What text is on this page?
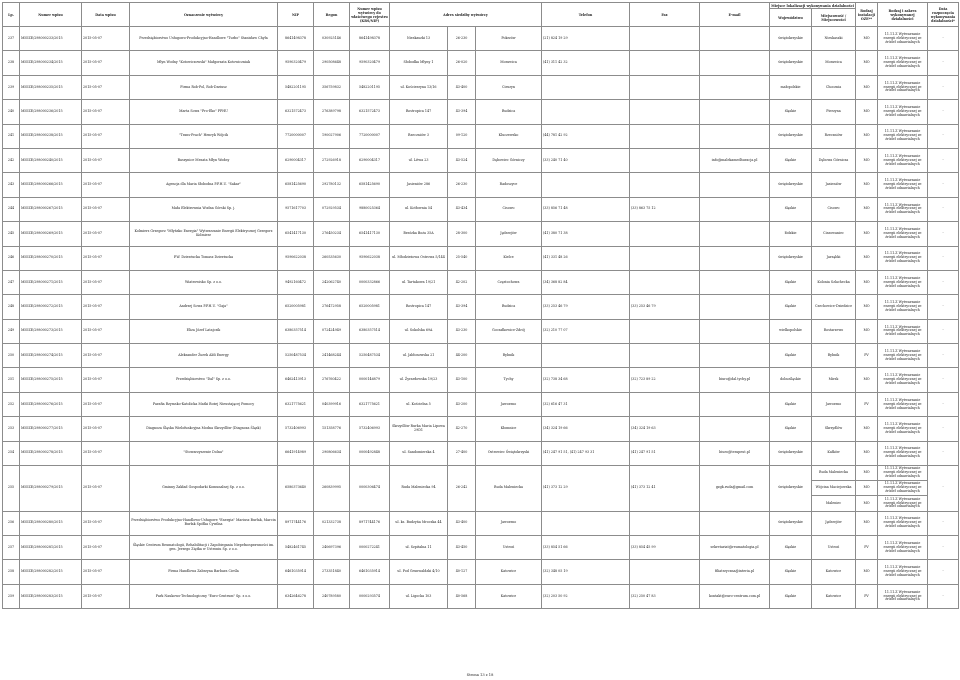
Lp.	Numer wpisu	Data wpisu	Oznaczenie wytwórcy	NIP	Regon	Numer wpisu wytwórcy do właściwego rejestru (KRS/NIP)	Adres siedziby wytwórcy			Telefon	Fax	E-mail	Miejsce lokalizacji wykonywania działalności		Rodzaj instalacji OZE**	Rodzaj i zakres wykonywanej działalności	Data rozpoczęcia wykonywania działalności*
													Województwo	Miejscowość / Miejscowości			
237	MIOZE/298000233/2015	2015-05-07	Przedsiębiorstwo Usługowo-Produkcyjno-Handlowe "Turbo" Stanisław Chyła	8641498378	030925146	8641498378	Nieskaszki 13	26-230	Pokrzów	(21) 824 19 29			świętokrzyskie	Nieskaszki	MO	11.11.Z Wytwarzanie energii elektrycznej ze źródeł odnawialnych	-
238	MIOZE/298000234/2015	2015-05-07	Młyn Wodny "Kotowiczowski" Małgorzata Kotowiczniak	9590320479	290508648	9590320479	Słobodka Młyny 1	26-020	Morawica	(41) 311 42 32			świętokrzyskie	Morawica	MO	11.11.Z Wytwarzanie energii elektrycznej ze źródeł odnawialnych	-
239	MIOZE/298000235/2015	2015-05-07	Firma Rob-Pol, Rob-Dariusz	5482201195	356759832	5482201195	ul. Kościerzyna 13/16	43-400	Cieszyn				małopolskie	Chocznia	MO	11.11.Z Wytwarzanie energii elektrycznej ze źródeł odnawialnych	-
240	MIOZE/298000236/2015	2015-05-07	Marta Sowa "Pro-Eko" PPHU	6321572473	276389798	6321572473	Rostropica 147	43-394	Rudzica				śląskie	Pierzyna	MO	11.11.Z Wytwarzanie energii elektrycznej ze źródeł odnawialnych	-
241	MIOZE/298000238/2015	2015-05-07	"Trans-Prach" Henryk Wójcik	7720000007	190027906	7720000007	Rzeczniów 3	09-120	Kluczewsko	(44) 781 42 92			świętokrzyskie	Rzeczniów	MO	11.11.Z Wytwarzanie energii elektrycznej ze źródeł odnawialnych	-
242	MIOZE/298000240/2015	2015-05-07	Baszynice Mesata Młyn Wodny	6290004317	272926918	6290004317	ul. Litwa 23	43-524	Dębowiec Górniczy	(33) 240 71 40		info@malekamedhuracja.pl	śląskie	Dębowa Górnicza	MO	11.11.Z Wytwarzanie energii elektrycznej ze źródeł odnawialnych	-
243	MIOZE/298000266/2015	2015-05-07	Agencja dla Maria Słobodna P.P.H.U. "Sakar"	6581425690	292780132	6581425690	Jasieniów 286	26-230	Radoszyce				świętokrzyskie	Jasieniów	MO	11.11.Z Wytwarzanie energii elektrycznej ze źródeł odnawialnych	-
244	MIOZE/298000267/2015	2015-05-07	Mała Elektrownia Wodna Górski Sp. j.	9571617703	072929534	9880025364	ul. Kotłownia 54	43-434	Cisowo	(33) 856 71 48	(33) 863 75 12		śląskie	Cisowo	MO	11.11.Z Wytwarzanie energii elektrycznej ze źródeł odnawialnych	-
245	MIOZE/298000269/2015	2015-05-07	Kolmierz Grzegorz "Młyńsko Energia" Wytwarzanie Energii Elektrycznej Grzegorz Kolmierz	6541417130	276450234	6541417130	Brzózka Boża 35A	28-300	Jędrzejów	(41) 380 71 38			łódzkie	Ciszowaniec	MO	11.11.Z Wytwarzanie energii elektrycznej ze źródeł odnawialnych	-
246	MIOZE/298000270/2015	2015-05-07	P.W. Dzierżucka Tomasz Dzierżucka	9590622038	260535630	9590622038	ul. Młodzieżowa Ostrowa 5/144	25-540	Kielce	(41) 331 48 26			świętokrzyskie	Jarząbki	MO	11.11.Z Wytwarzanie energii elektrycznej ze źródeł odnawialnych	-
247	MIOZE/298000271/2015	2015-05-07	Wiatrowisko Sp. z o.o.	9492160472	242062740	0000332866	ul. Tartakowa 19/21	42-202	Częstochowa	(34) 368 82 84			śląskie	Kolonia Szlachecka	MO	11.11.Z Wytwarzanie energii elektrycznej ze źródeł odnawialnych	-
248	MIOZE/298000272/2015	2015-05-07	Andrzej Sowa P.P.H.U. "Gaja"	6520005981	276472958	6520005981	Rostropica 147	43-394	Rudzica	(33) 253 46 79	(33) 253 46 79		śląskie	Czechowice-Dziedzice	MO	11.11.Z Wytwarzanie energii elektrycznej ze źródeł odnawialnych	-
249	MIOZE/298000273/2015	2015-05-07	Eliza Józef Latajczik	6380357514	072424949	6380357514	ul. Sokolska 69A	43-230	Goczałkowice-Zdrój	(32) 210 77 07			wielkopolskie	Rostarzewo	MO	11.11.Z Wytwarzanie energii elektrycznej ze źródeł odnawialnych	-
250	MIOZE/298000274/2015	2015-05-07	Aleksander Żurek Aldi Energy	5250487534	241468244	5250487534	ul. Jabłonowska 21	44-200	Rybnik				śląskie	Rybnik	PV	11.11.Z Wytwarzanie energii elektrycznej ze źródeł odnawialnych	-
251	MIOZE/298000275/2015	2015-05-07	Przedsiębiorstwo "Dal" Sp. z o.o.	6462413913	276760422	0000146879	ul. Żyrardowska 19/23	43-100	Tychy	(32) 738 34 68	(32) 723 89 22	biuro@dal.tychy.pl	dolnośląskie	Mirsk	MO	11.11.Z Wytwarzanie energii elektrycznej ze źródeł odnawialnych	-
252	MIOZE/298000276/2015	2015-05-07	Parafia Rzymsko-Katolicka Matki Bożej Nieustającej Pomocy	6321775621	040399916	6321775621	ul. Kościelna 5	43-200	Jaworzno	(32) 616 47 31			śląskie	Jaworzno	PV	11.11.Z Wytwarzanie energii elektrycznej ze źródeł odnawialnych	-
253	MIOZE/298000277/2015	2015-05-07	Diagnoza Śląska Wielofunkcyjna Modna Skrzydlów (Diagnoza Śląsk)	5732406993	151358776	5732406993	Skrzydlów Rurka Maria Lipowa 29D1	42-270	Kłomnice	(34) 324 19 66	(34) 324 19 63		śląskie	Skrzydlów	MO	11.11.Z Wytwarzanie energii elektrycznej ze źródeł odnawialnych	-
254	MIOZE/298000278/2015	2015-05-07	"Stowarzyszenie Dolna"	6641914989	290806634	0000492848	ul. Sandomierska 4	27-400	Ostrowiec Świętokrzyski	(41) 247 91 51, (41) 247 93 31	(41) 247 91 51	biuro@terapeut.pl	świętokrzyskie	Kałków	MO	11.11.Z Wytwarzanie energii elektrycznej ze źródeł odnawialnych	-
255	MIOZE/298000279/2015	2015-05-07	Gminny Zakład Gospodarki Komunalnej Sp. z o.o.	6580373640	260839995	0000306474	Ruda Maleniecka 94	26-242	Ruda Maleniecka	(41) 373 12 29	(41) 373 12 41	gzgk.ruda@gmail.com	świętokrzyskie	Ruda Maleniecka	MO	11.11.Z Wytwarzanie energii elektrycznej ze źródeł odnawialnych	-
														Wójcina Maciejowska	MO	11.11.Z Wytwarzanie energii elektrycznej ze źródeł odnawialnych	
														Maleniec	MO	11.11.Z Wytwarzanie energii elektrycznej ze źródeł odnawialnych	
256	MIOZE/298000280/2015	2015-05-07	Przedsiębiorstwo Produkcyjno-Handlowo-Usługowe "Energia" Mariusz Burłak, Marcin Burłak Spółka Cywilna	8971744176	021332738	8971744176	ul. ks. Budzyńa Mroczka 44	43-400	Jaworzno				świętokrzyskie	Jędrzejów	MO	11.11.Z Wytwarzanie energii elektrycznej ze źródeł odnawialnych	-
257	MIOZE/298000281/2015	2015-05-07	Śląskie Centrum Reumatologii, Rehabilitacji i Zapobiegania Niepełnosprawności im. gen. Jerzego Ziętka w Ustroniu Sp. z o.o.	5482461745	240697396	0000272241	ul. Szpitalna 11	43-450	Ustroń	(33) 854 51 66	(33) 854 45 99	sekretariat@reumatologia.pl	śląskie	Ustroń	PV	11.11.Z Wytwarzanie energii elektrycznej ze źródeł odnawialnych	-
258	MIOZE/298000282/2015	2015-05-07	Firma Handlowa Zabrzyna Barbara Cieśla	6461035914	273351840	6461035914	ul. Pod Grunwaldzki 4/10	40-127	Katowice	(32) 348 05 19		filiatrzyczna@interia.pl	śląskie	Katowice	MO	11.11.Z Wytwarzanie energii elektrycznej ze źródeł odnawialnych	-
259	MIOZE/298000283/2015	2015-05-07	Park Naukowo-Technologiczny "Euro-Centrum" Sp. z o.o.	6342646278	240789580	0000293574	ul. Ligocka 103	40-568	Katowice	(32) 203 50 92	(32) 250 47 83	kontakt@euro-centrum.com.pl	śląskie	Katowice	PV	11.11.Z Wytwarzanie energii elektrycznej ze źródeł odnawialnych	-
Strona 13 z 18
